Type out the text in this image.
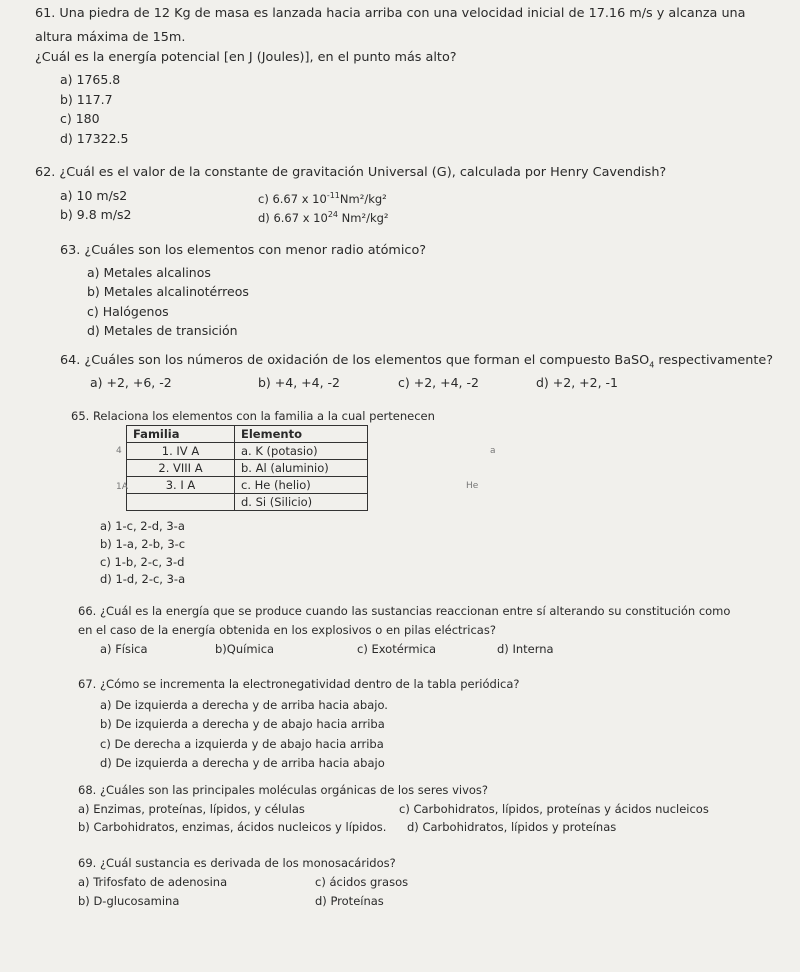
61. Una piedra de 12 Kg de masa es lanzada hacia arriba con una velocidad inicial de 17.16 m/s y alcanza una
altura máxima de 15m.
¿Cuál es la energía potencial [en J (Joules)], en el punto más alto?
a) 1765.8
b) 117.7
c) 180
d) 17322.5
62. ¿Cuál es el valor de la constante de gravitación Universal (G), calculada por Henry Cavendish?
a) 10 m/s2	c) 6.67 x $10^{-11}Nm^2$/kg²
b) 9.8 m/s2	d) 6.67 x $10^{24}$ Nm²/kg²
63. ¿Cuáles son los elementos con menor radio atómico?
a) Metales alcalinos
b) Metales alcalinotérreos
c) Halógenos
d) Metales de transición
64. ¿Cuáles son los números de oxidación de los elementos que forman el compuesto BaSO$_4$ respectivamente?
a) +2, +6, -2	b) +4, +4, -2	c) +2, +4, -2	d) +2, +2, -1
65. Relaciona los elementos con la familia a la cual pertenecen
Familia	Elemento
1. IV A	a. K (potasio)
2. VIII A	b. Al (aluminio)
3. I A	c. He (helio)
	d. Si (Silicio)
4
1A
a
He
a) 1-c, 2-d, 3-a
b) 1-a, 2-b, 3-c
c) 1-b, 2-c, 3-d
d) 1-d, 2-c, 3-a
66. ¿Cuál es la energía que se produce cuando las sustancias reaccionan entre sí alterando su constitución como
en el caso de la energía obtenida en los explosivos o en pilas eléctricas?
a) Física	b)Química	c) Exotérmica	d) Interna
67. ¿Cómo se incrementa la electronegatividad dentro de la tabla periódica?
a) De izquierda a derecha y de arriba hacia abajo.
b) De izquierda a derecha y de abajo hacia arriba
c) De derecha a izquierda y de abajo hacia arriba
d) De izquierda a derecha y de arriba hacia abajo
68. ¿Cuáles son las principales moléculas orgánicas de los seres vivos?
a) Enzimas, proteínas, lípidos, y células	c) Carbohidratos, lípidos, proteínas y ácidos nucleicos
b) Carbohidratos, enzimas, ácidos nucleicos y lípidos. d) Carbohidratos, lípidos y proteínas
69. ¿Cuál sustancia es derivada de los monosacáridos?
a) Trifosfato de adenosina	c) ácidos grasos
b) D-glucosamina	d) Proteínas
